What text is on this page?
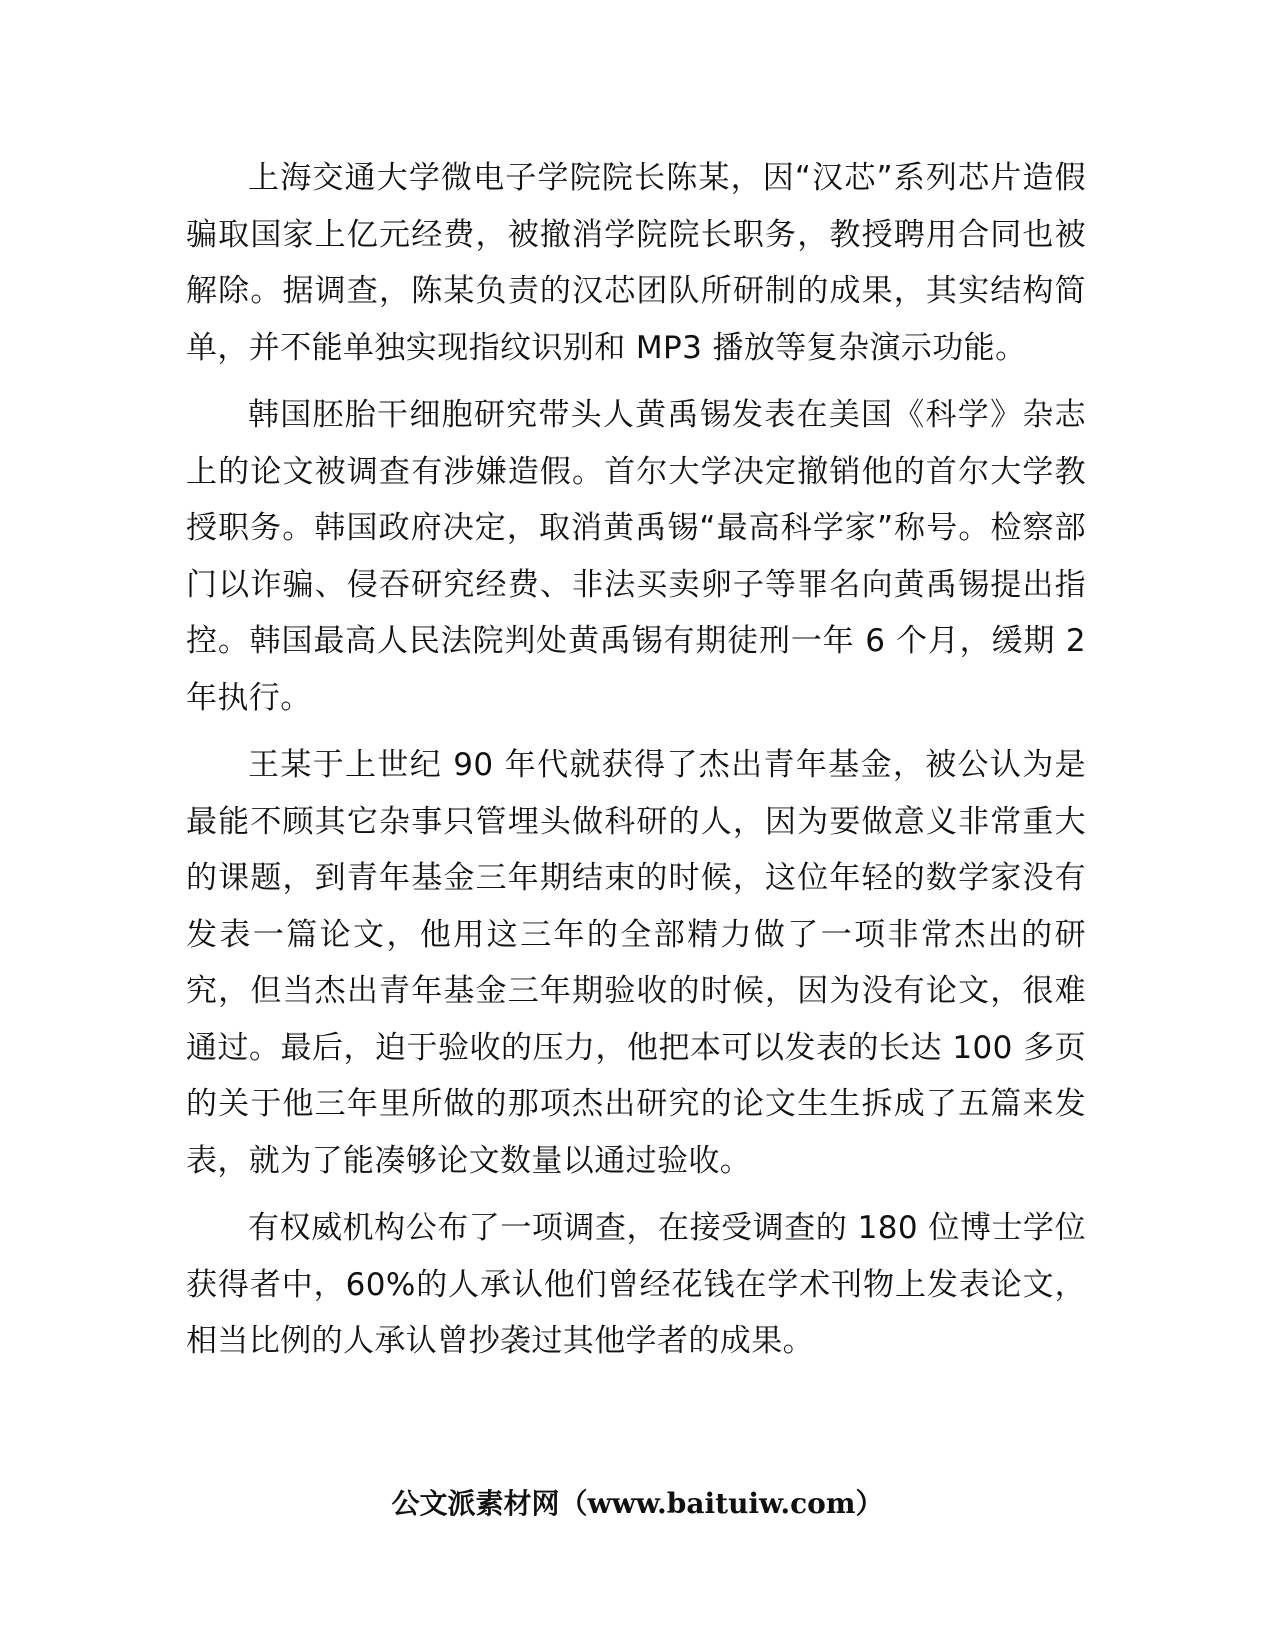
上海交通大学微电子学院院长陈某，因“汉芯”系列芯片造假骗取国家上亿元经费，被撤消学院院长职务，教授聘用合同也被解除。据调查，陈某负责的汉芯团队所研制的成果，其实结构简单，并不能单独实现指纹识别和 MP3 播放等复杂演示功能。

韩国胚胎干细胞研究带头人黄禹锡发表在美国《科学》杂志上的论文被调查有涉嫌造假。首尔大学决定撤销他的首尔大学教授职务。韩国政府决定，取消黄禹锡“最高科学家”称号。检察部门以诈骗、侵吞研究经费、非法买卖卵子等罪名向黄禹锡提出指控。韩国最高人民法院判处黄禹锡有期徒刑一年 6 个月，缓期 2 年执行。

王某于上世纪 90 年代就获得了杰出青年基金，被公认为是最能不顾其它杂事只管埋头做科研的人，因为要做意义非常重大的课题，到青年基金三年期结束的时候，这位年轻的数学家没有发表一篇论文，他用这三年的全部精力做了一项非常杰出的研究，但当杰出青年基金三年期验收的时候，因为没有论文，很难通过。最后，迫于验收的压力，他把本可以发表的长达 100 多页的关于他三年里所做的那项杰出研究的论文生生拆成了五篇来发表，就为了能凑够论文数量以通过验收。

有权威机构公布了一项调查，在接受调查的 180 位博士学位获得者中，60%的人承认他们曾经花钱在学术刊物上发表论文，相当比例的人承认曾抄袭过其他学者的成果。

公文派素材网（www.baituiw.com）
